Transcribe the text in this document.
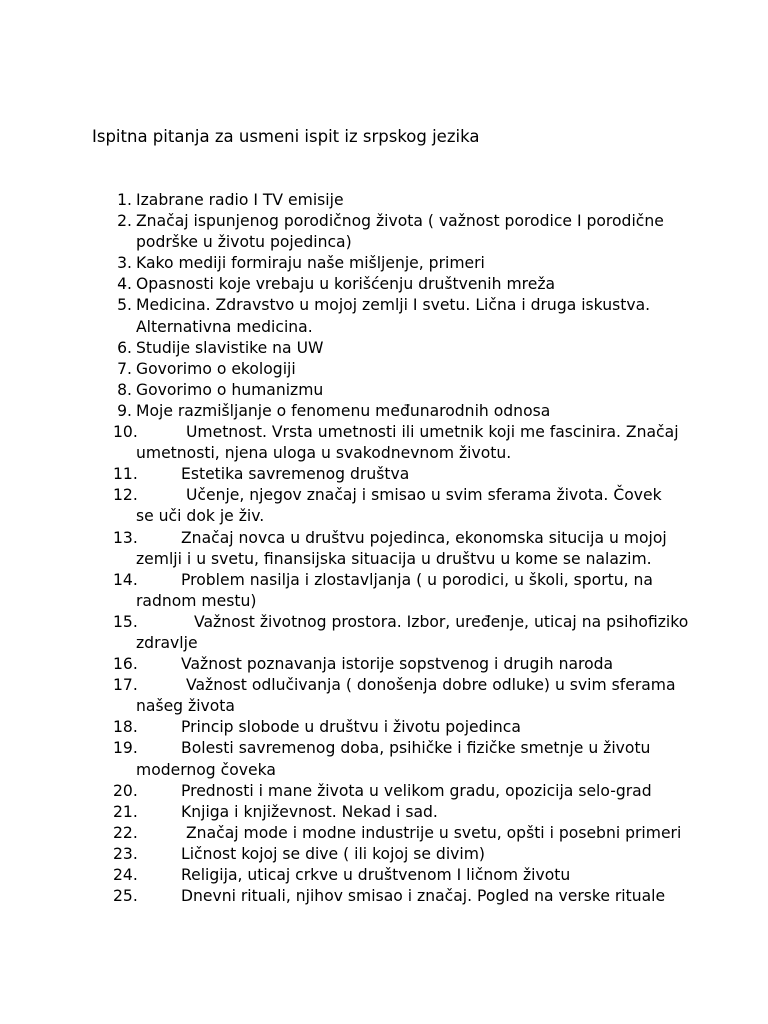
Ispitna pitanja za usmeni ispit iz srpskog jezika
1. Izabrane radio I TV emisije
2. Značaj ispunjenog porodičnog života ( važnost porodice I porodične
podrške u životu pojedinca)
3. Kako mediji formiraju naše mišljenje, primeri
4. Opasnosti koje vrebaju u korišćenju društvenih mreža
5. Medicina. Zdravstvo u mojoj zemlji I svetu. Lična i druga iskustva.
Alternativna medicina.
6. Studije slavistike na UW
7. Govorimo o ekologiji
8. Govorimo o humanizmu
9. Moje razmišljanje o fenomenu međunarodnih odnosa
10.	Umetnost. Vrsta umetnosti ili umetnik koji me fascinira. Značaj
umetnosti, njena uloga u svakodnevnom životu.
11.	Estetika savremenog društva
12.	Učenje, njegov značaj i smisao u svim sferama života. Čovek
se uči dok je živ.
13.	Značaj novca u društvu pojedinca, ekonomska situcija u mojoj
zemlji i u svetu, finansijska situacija u društvu u kome se nalazim.
14.	Problem nasilja i zlostavljanja ( u porodici, u školi, sportu, na
radnom mestu)
15.	Važnost životnog prostora. Izbor, uređenje, uticaj na psihofiziko
zdravlje
16.	Važnost poznavanja istorije sopstvenog i drugih naroda
17.	Važnost odlučivanja ( donošenja dobre odluke) u svim sferama
našeg života
18.	Princip slobode u društvu i životu pojedinca
19.	Bolesti savremenog doba, psihičke i fizičke smetnje u životu
modernog čoveka
20.	Prednosti i mane života u velikom gradu, opozicija selo-grad
21.	Knjiga i književnost. Nekad i sad.
22.	Značaj mode i modne industrije u svetu, opšti i posebni primeri
23.	Ličnost kojoj se dive ( ili kojoj se divim)
24.	Religija, uticaj crkve u društvenom I ličnom životu
25.	Dnevni rituali, njihov smisao i značaj. Pogled na verske rituale
